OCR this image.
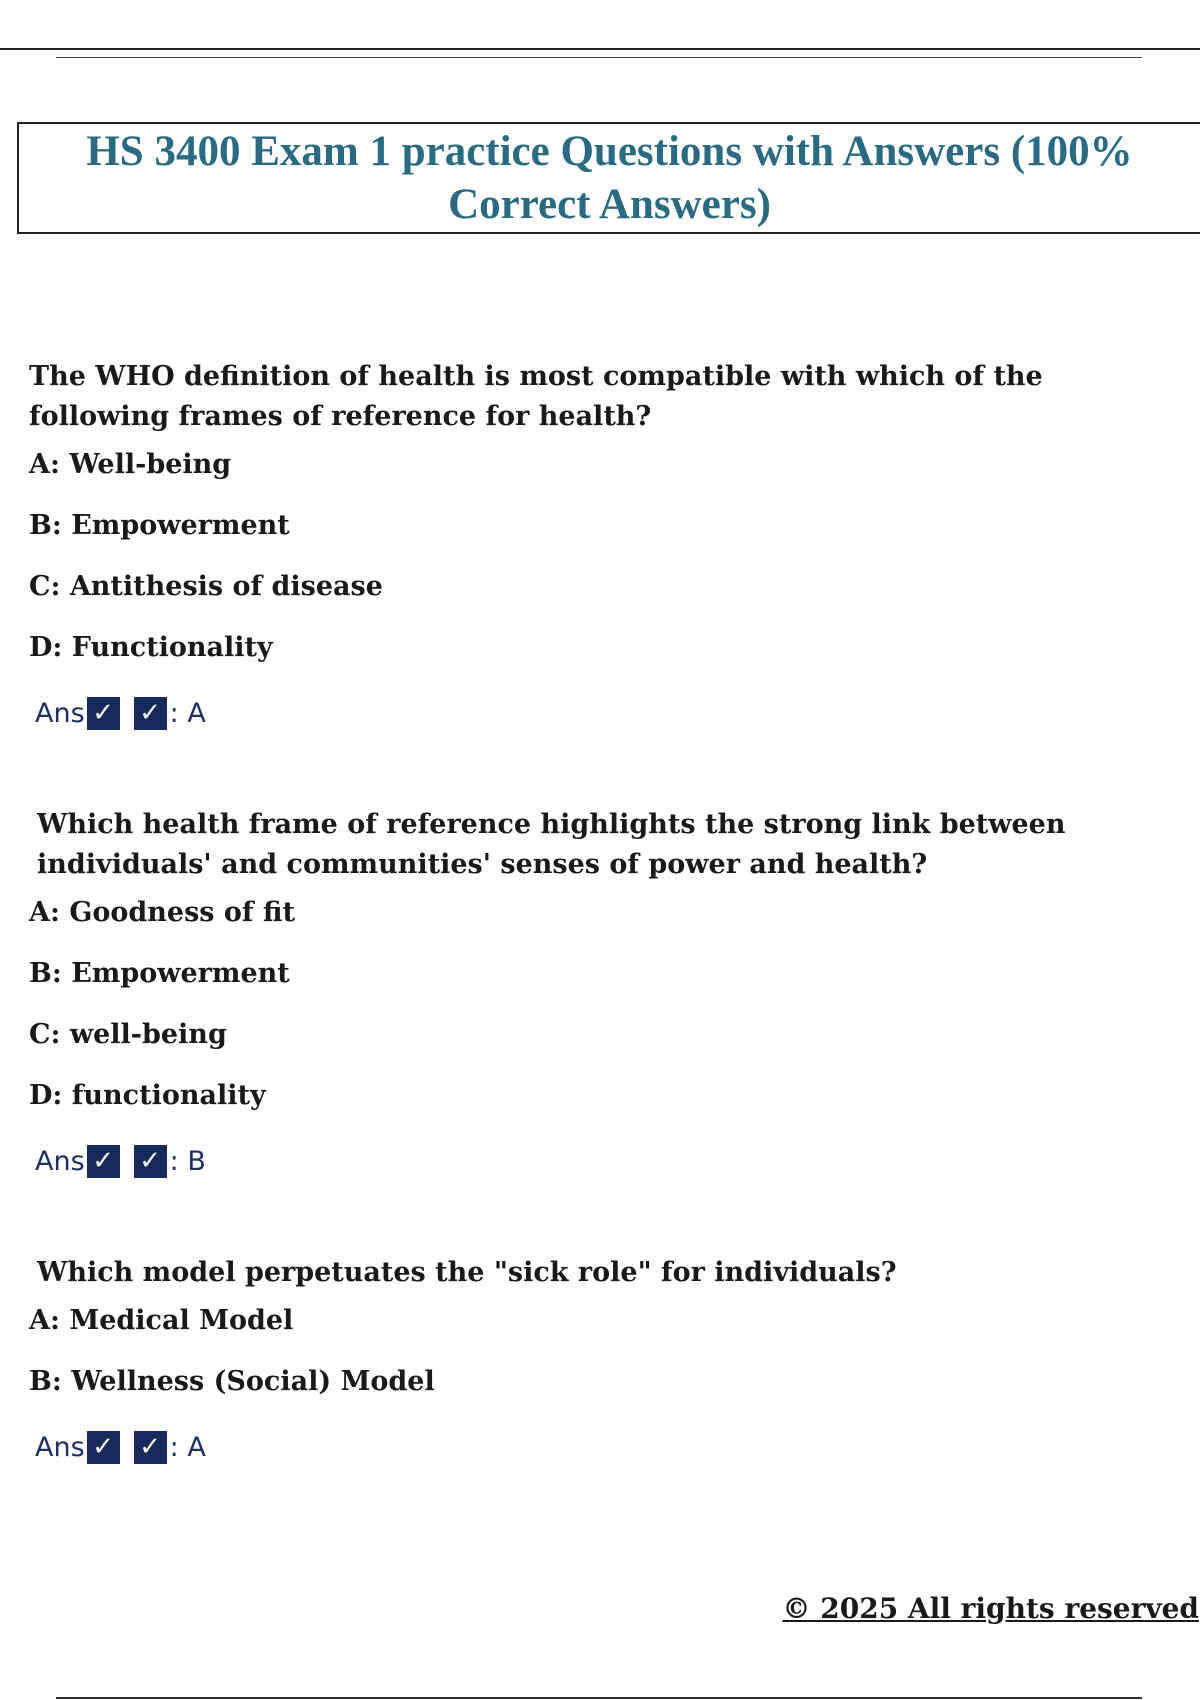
HS 3400 Exam 1 practice Questions with Answers (100% Correct Answers)

The WHO definition of health is most compatible with which of the following frames of reference for health?

A: Well-being
B: Empowerment
C: Antithesis of disease
D: Functionality
Ans ✓ ✓ : A

Which health frame of reference highlights the strong link between individuals' and communities' senses of power and health?

A: Goodness of fit
B: Empowerment
C: well-being
D: functionality
Ans ✓ ✓ : B

Which model perpetuates the "sick role" for individuals?

A: Medical Model
B: Wellness (Social) Model
Ans ✓ ✓ : A
© 2025 All rights reserved
